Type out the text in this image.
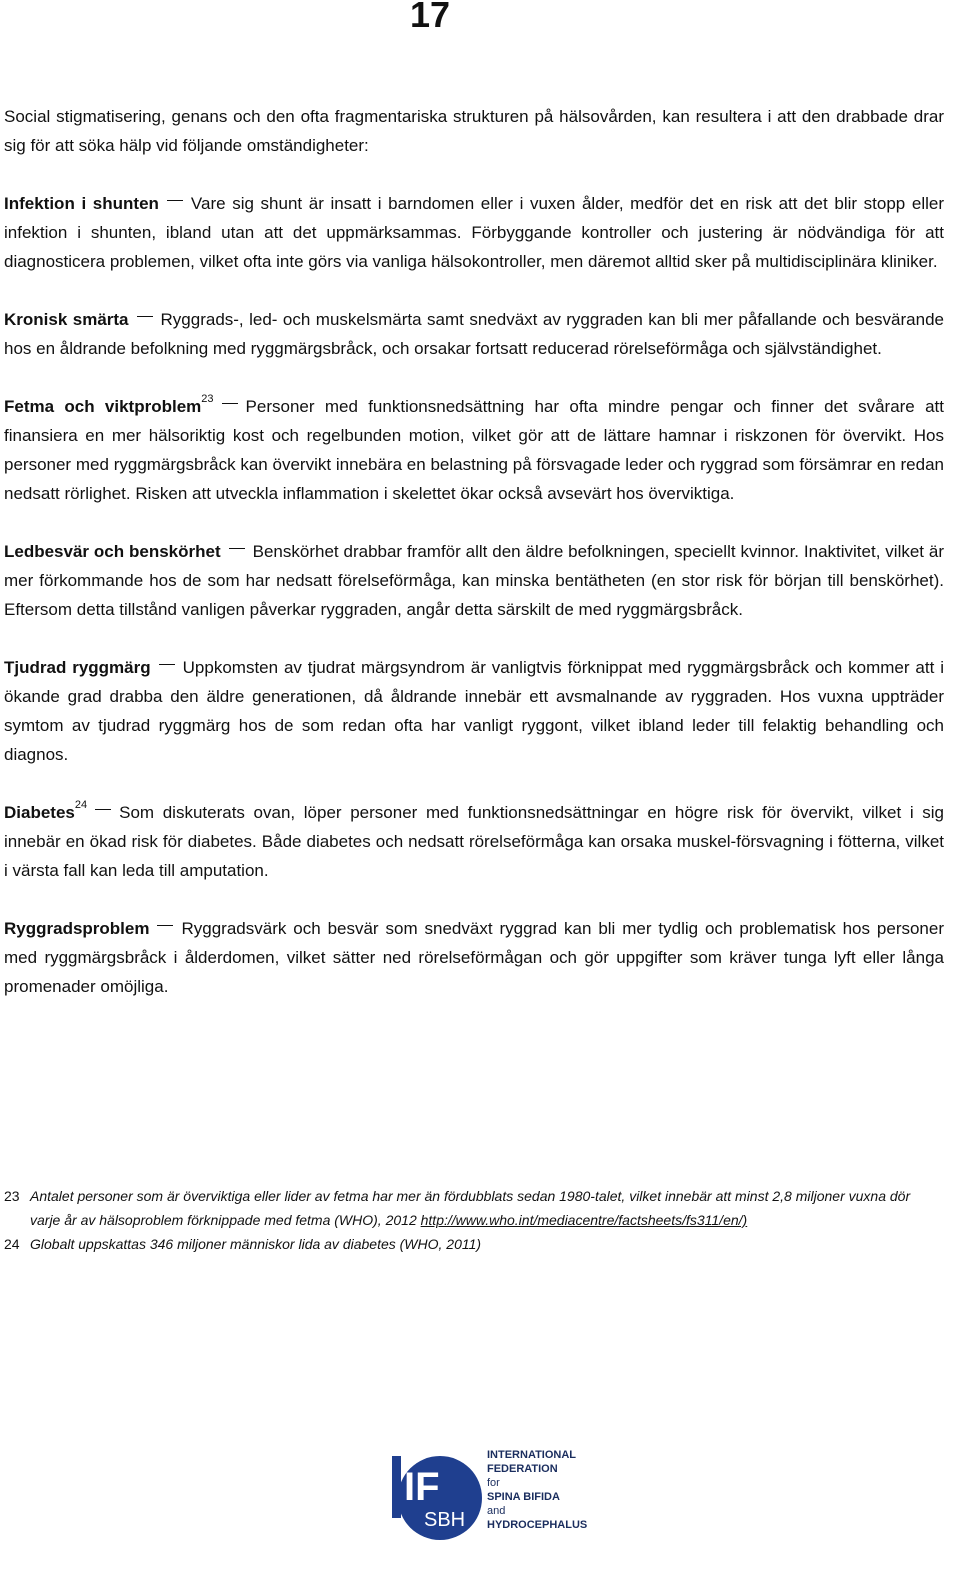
17

Social stigmatisering, genans och den ofta fragmentariska strukturen på hälsovården, kan resultera i att den drabbade drar sig för att söka hälp vid följande omständigheter:

Infektion i shunten Vare sig shunt är insatt i barndomen eller i vuxen ålder, medför det en risk att det blir stopp eller infektion i shunten, ibland utan att det uppmärksammas. Förbyggande kontroller och justering är nödvändiga för att diagnosticera problemen, vilket ofta inte görs via vanliga hälsokontroller, men däremot alltid sker på multidisciplinära kliniker.

Kronisk smärta Ryggrads-, led- och muskelsmärta samt snedväxt av ryggraden kan bli mer påfallande och besvärande hos en åldrande befolkning med ryggmärgsbråck, och orsakar fortsatt reducerad rörelseförmåga och självständighet.

Fetma och viktproblem$^{23}$ Personer med funktionsnedsättning har ofta mindre pengar och finner det svårare att finansiera en mer hälsoriktig kost och regelbunden motion, vilket gör att de lättare hamnar i riskzonen för övervikt. Hos personer med ryggmärgsbråck kan övervikt innebära en belastning på försvagade leder och ryggrad som försämrar en redan nedsatt rörlighet. Risken att utveckla inflammation i skelettet ökar också avsevärt hos överviktiga.

Ledbesvär och benskörhet Benskörhet drabbar framför allt den äldre befolkningen, speciellt kvinnor. Inaktivitet, vilket är mer förkommande hos de som har nedsatt förelseförmåga, kan minska bentätheten (en stor risk för början till benskörhet). Eftersom detta tillstånd vanligen påverkar ryggraden, angår detta särskilt de med ryggmärgsbråck.

Tjudrad ryggmärg Uppkomsten av tjudrat märgsyndrom är vanligtvis förknippat med ryggmärgsbråck och kommer att i ökande grad drabba den äldre generationen, då åldrande innebär ett avsmalnande av ryggraden. Hos vuxna uppträder symtom av tjudrad ryggmärg hos de som redan ofta har vanligt ryggont, vilket ibland leder till felaktig behandling och diagnos.

Diabetes$^{24}$ Som diskuterats ovan, löper personer med funktionsnedsättningar en högre risk för övervikt, vilket i sig innebär en ökad risk för diabetes. Både diabetes och nedsatt rörelseförmåga kan orsaka muskel-försvagning i fötterna, vilket i värsta fall kan leda till amputation.

Ryggradsproblem Ryggradsvärk och besvär som snedväxt ryggrad kan bli mer tydlig och problematisk hos personer med ryggmärgsbråck i ålderdomen, vilket sätter ned rörelseförmågan och gör uppgifter som kräver tunga lyft eller långa promenader omöjliga.

23 Antalet personer som är överviktiga eller lider av fetma har mer än fördubblats sedan 1980-talet, vilket innebär att minst 2,8 miljoner vuxna dör varje år av hälsoproblem förknippade med fetma (WHO), 2012 http://www.who.int/mediacentre/factsheets/fs311/en/)

24 Globalt uppskattas 346 miljoner människor lida av diabetes (WHO, 2011)

IF
SBH
INTERNATIONAL
FEDERATION
for
SPINA BIFIDA
and
HYDROCEPHALUS
